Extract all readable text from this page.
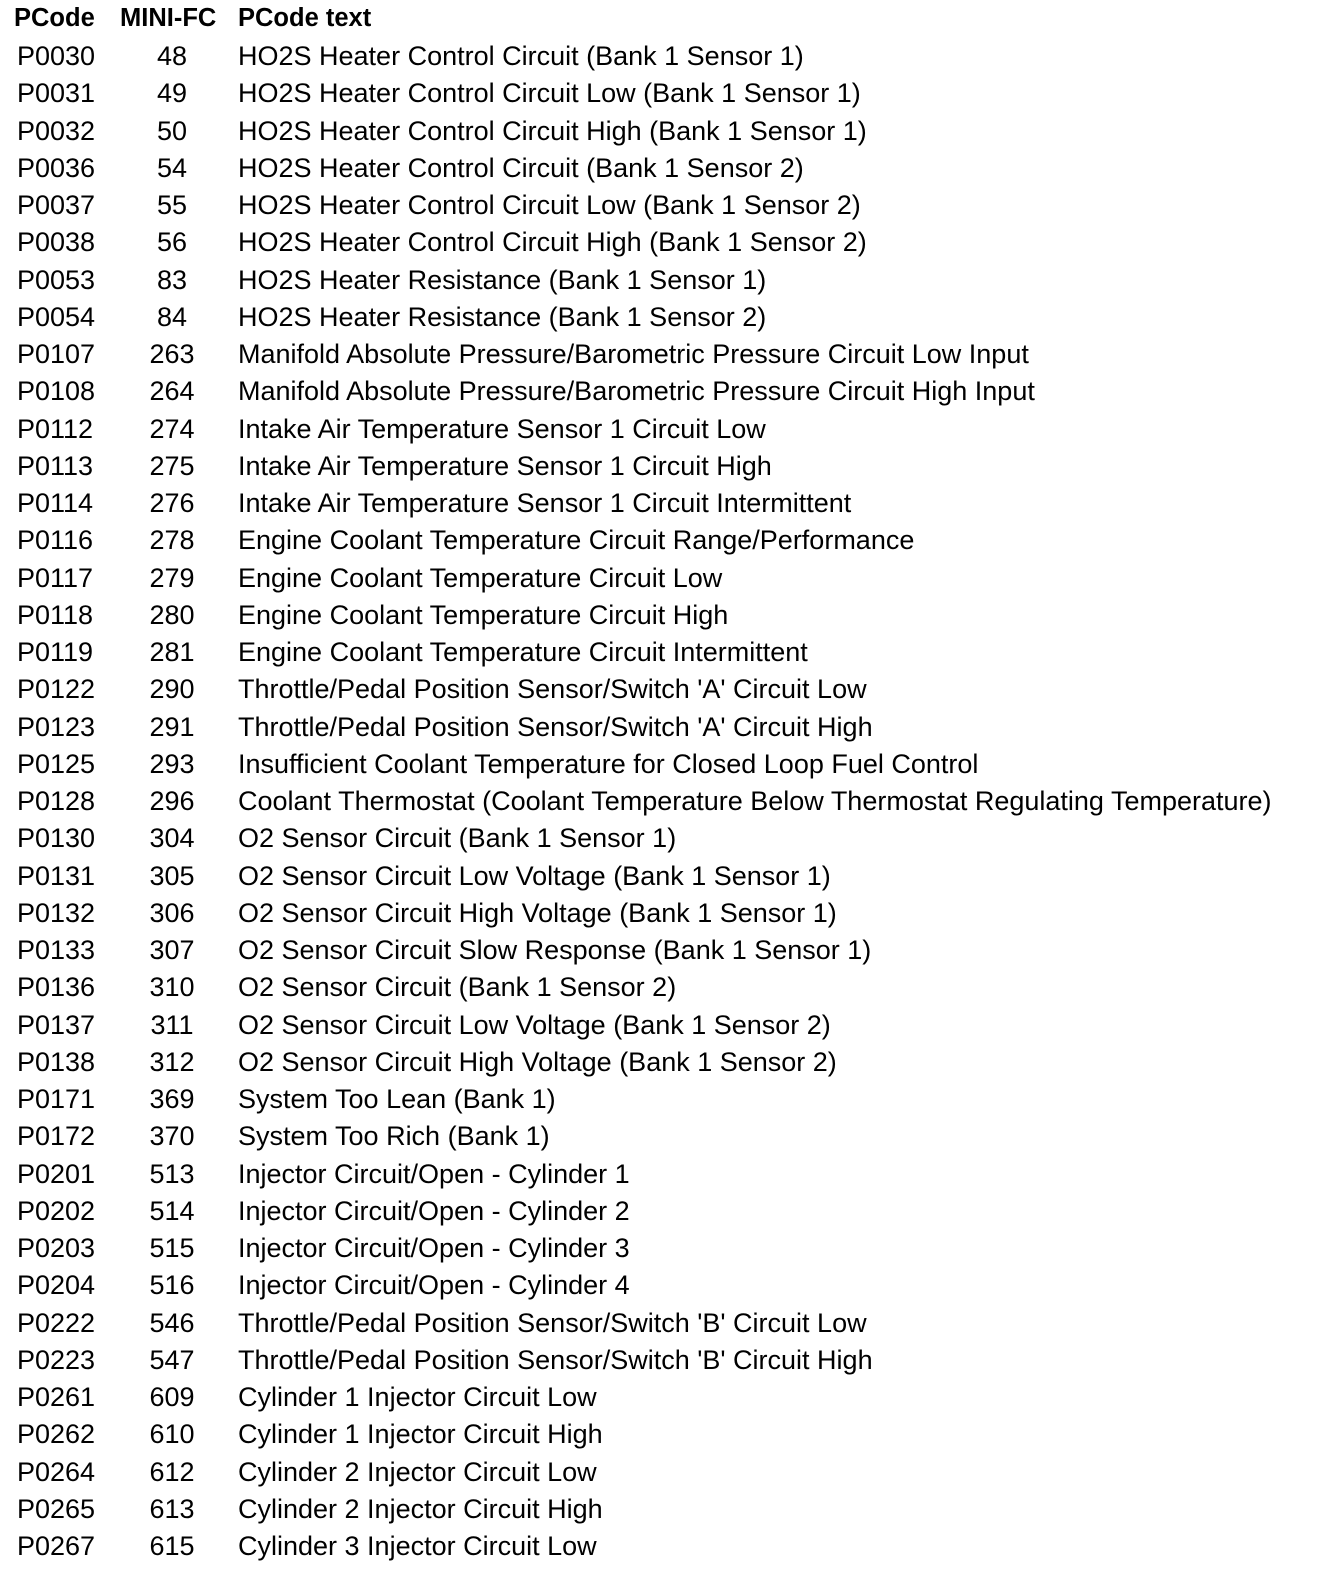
PCode MINI-FC PCode text
P0030	48	HO2S Heater Control Circuit (Bank 1 Sensor 1)
P0031	49	HO2S Heater Control Circuit Low (Bank 1 Sensor 1)
P0032	50	HO2S Heater Control Circuit High (Bank 1 Sensor 1)
P0036	54	HO2S Heater Control Circuit (Bank 1 Sensor 2)
P0037	55	HO2S Heater Control Circuit Low (Bank 1 Sensor 2)
P0038	56	HO2S Heater Control Circuit High (Bank 1 Sensor 2)
P0053	83	HO2S Heater Resistance (Bank 1 Sensor 1)
P0054	84	HO2S Heater Resistance (Bank 1 Sensor 2)
P0107	263	Manifold Absolute Pressure/Barometric Pressure Circuit Low Input
P0108	264	Manifold Absolute Pressure/Barometric Pressure Circuit High Input
P0112	274	Intake Air Temperature Sensor 1 Circuit Low
P0113	275	Intake Air Temperature Sensor 1 Circuit High
P0114	276	Intake Air Temperature Sensor 1 Circuit Intermittent
P0116	278	Engine Coolant Temperature Circuit Range/Performance
P0117	279	Engine Coolant Temperature Circuit Low
P0118	280	Engine Coolant Temperature Circuit High
P0119	281	Engine Coolant Temperature Circuit Intermittent
P0122	290	Throttle/Pedal Position Sensor/Switch 'A' Circuit Low
P0123	291	Throttle/Pedal Position Sensor/Switch 'A' Circuit High
P0125	293	Insufficient Coolant Temperature for Closed Loop Fuel Control
P0128	296	Coolant Thermostat (Coolant Temperature Below Thermostat Regulating Temperature)
P0130	304	O2 Sensor Circuit (Bank 1 Sensor 1)
P0131	305	O2 Sensor Circuit Low Voltage (Bank 1 Sensor 1)
P0132	306	O2 Sensor Circuit High Voltage (Bank 1 Sensor 1)
P0133	307	O2 Sensor Circuit Slow Response (Bank 1 Sensor 1)
P0136	310	O2 Sensor Circuit (Bank 1 Sensor 2)
P0137	311	O2 Sensor Circuit Low Voltage (Bank 1 Sensor 2)
P0138	312	O2 Sensor Circuit High Voltage (Bank 1 Sensor 2)
P0171	369	System Too Lean (Bank 1)
P0172	370	System Too Rich (Bank 1)
P0201	513	Injector Circuit/Open - Cylinder 1
P0202	514	Injector Circuit/Open - Cylinder 2
P0203	515	Injector Circuit/Open - Cylinder 3
P0204	516	Injector Circuit/Open - Cylinder 4
P0222	546	Throttle/Pedal Position Sensor/Switch 'B' Circuit Low
P0223	547	Throttle/Pedal Position Sensor/Switch 'B' Circuit High
P0261	609	Cylinder 1 Injector Circuit Low
P0262	610	Cylinder 1 Injector Circuit High
P0264	612	Cylinder 2 Injector Circuit Low
P0265	613	Cylinder 2 Injector Circuit High
P0267	615	Cylinder 3 Injector Circuit Low
